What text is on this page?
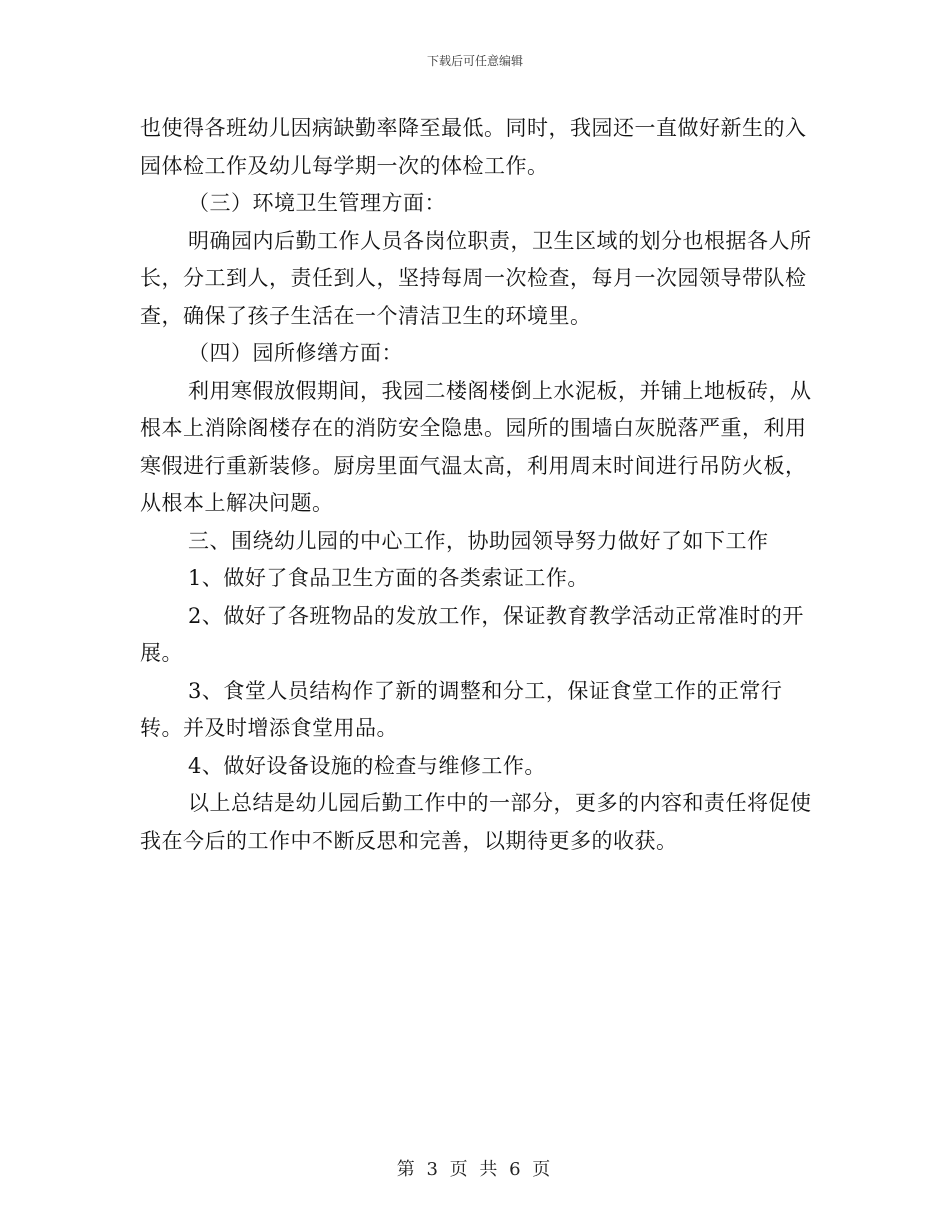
下载后可任意编辑

也使得各班幼儿因病缺勤率降至最低。同时，我园还一直做好新生的入园体检工作及幼儿每学期一次的体检工作。

（三）环境卫生管理方面：

明确园内后勤工作人员各岗位职责，卫生区域的划分也根据各人所长，分工到人，责任到人，坚持每周一次检查，每月一次园领导带队检查，确保了孩子生活在一个清洁卫生的环境里。

（四）园所修缮方面：

利用寒假放假期间，我园二楼阁楼倒上水泥板，并铺上地板砖，从根本上消除阁楼存在的消防安全隐患。园所的围墙白灰脱落严重，利用寒假进行重新装修。厨房里面气温太高，利用周末时间进行吊防火板，从根本上解决问题。

三、围绕幼儿园的中心工作，协助园领导努力做好了如下工作

1、做好了食品卫生方面的各类索证工作。

2、做好了各班物品的发放工作，保证教育教学活动正常准时的开展。

3、食堂人员结构作了新的调整和分工，保证食堂工作的正常行转。并及时增添食堂用品。

4、做好设备设施的检查与维修工作。

以上总结是幼儿园后勤工作中的一部分，更多的内容和责任将促使我在今后的工作中不断反思和完善，以期待更多的收获。

第 3 页 共 6 页
